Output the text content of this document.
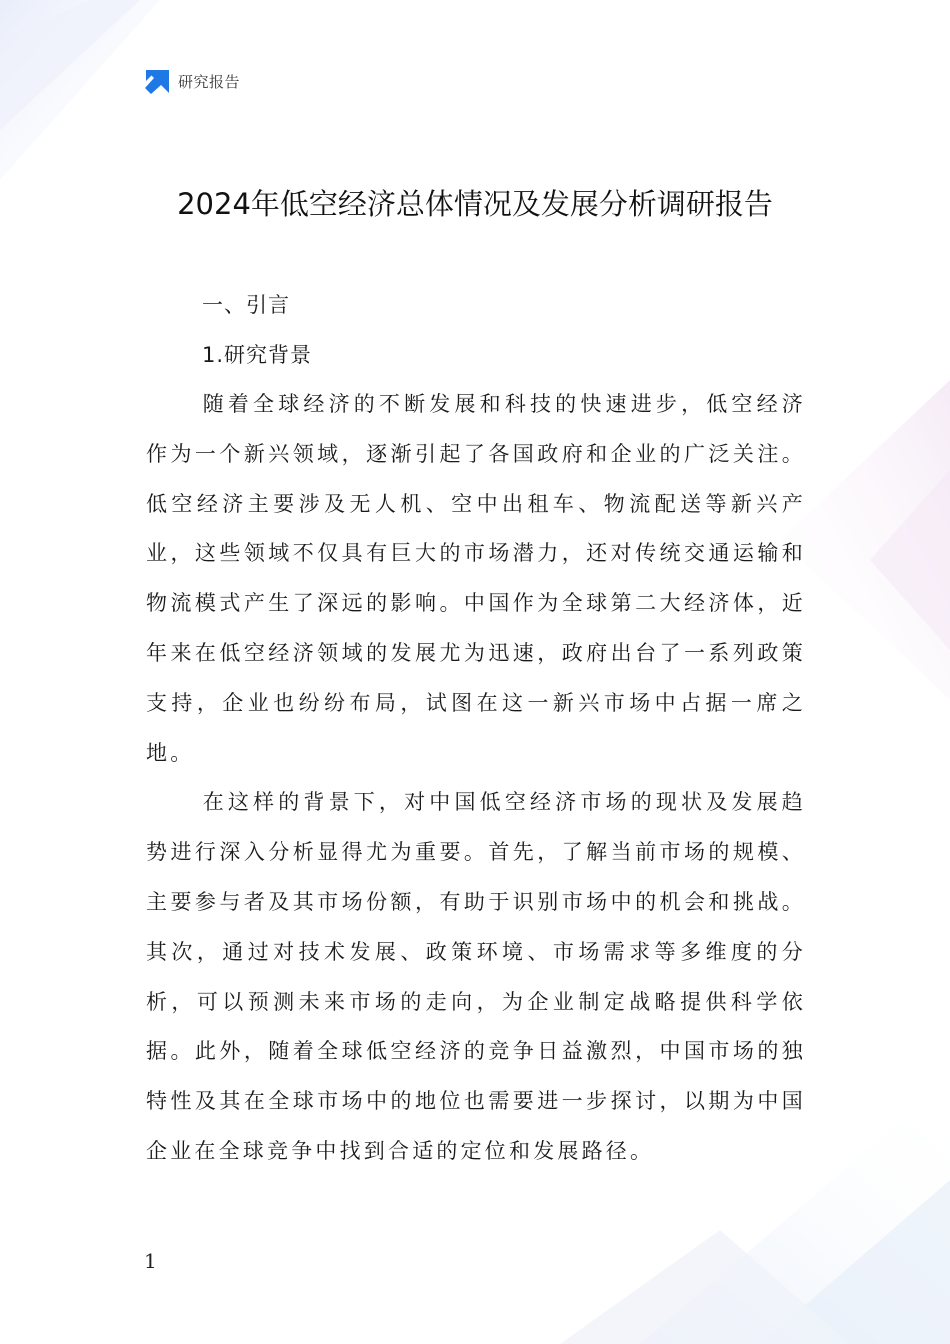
研究报告
2024年低空经济总体情况及发展分析调研报告
一、引言
1.研究背景

随着全球经济的不断发展和科技的快速进步，低空经济作为一个新兴领域，逐渐引起了各国政府和企业的广泛关注。低空经济主要涉及无人机、空中出租车、物流配送等新兴产业，这些领域不仅具有巨大的市场潜力，还对传统交通运输和物流模式产生了深远的影响。中国作为全球第二大经济体，近年来在低空经济领域的发展尤为迅速，政府出台了一系列政策支持，企业也纷纷布局，试图在这一新兴市场中占据一席之地。

在这样的背景下，对中国低空经济市场的现状及发展趋势进行深入分析显得尤为重要。首先，了解当前市场的规模、主要参与者及其市场份额，有助于识别市场中的机会和挑战。其次，通过对技术发展、政策环境、市场需求等多维度的分析，可以预测未来市场的走向，为企业制定战略提供科学依据。此外，随着全球低空经济的竞争日益激烈，中国市场的独特性及其在全球市场中的地位也需要进一步探讨，以期为中国企业在全球竞争中找到合适的定位和发展路径。

1
